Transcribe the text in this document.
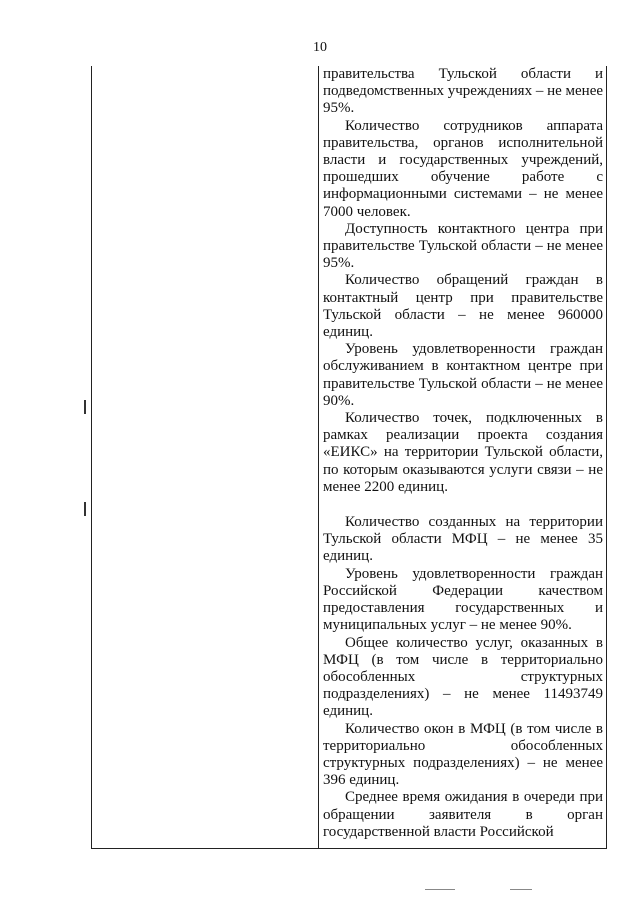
10

правительства Тульской области и подведомственных учреждениях – не менее 95%.

Количество сотрудников аппарата правительства, органов исполнительной власти и государственных учреждений, прошедших обучение работе с информационными системами – не менее 7000 человек.

Доступность контактного центра при правительстве Тульской области – не менее 95%.

Количество обращений граждан в контактный центр при правительстве Тульской области – не менее 960000 единиц.

Уровень удовлетворенности граждан обслуживанием в контактном центре при правительстве Тульской области – не менее 90%.

Количество точек, подключенных в рамках реализации проекта создания «ЕИКС» на территории Тульской области, по которым оказываются услуги связи – не менее 2200 единиц.

Количество созданных на территории Тульской области МФЦ – не менее 35 единиц.

Уровень удовлетворенности граждан Российской Федерации качеством предоставления государственных и муниципальных услуг – не менее 90%.

Общее количество услуг, оказанных в МФЦ (в том числе в территориально обособленных структурных подразделениях) – не менее 11493749 единиц.

Количество окон в МФЦ (в том числе в территориально обособленных структурных подразделениях) – не менее 396 единиц.

Среднее время ожидания в очереди при обращении заявителя в орган государственной власти Российской
